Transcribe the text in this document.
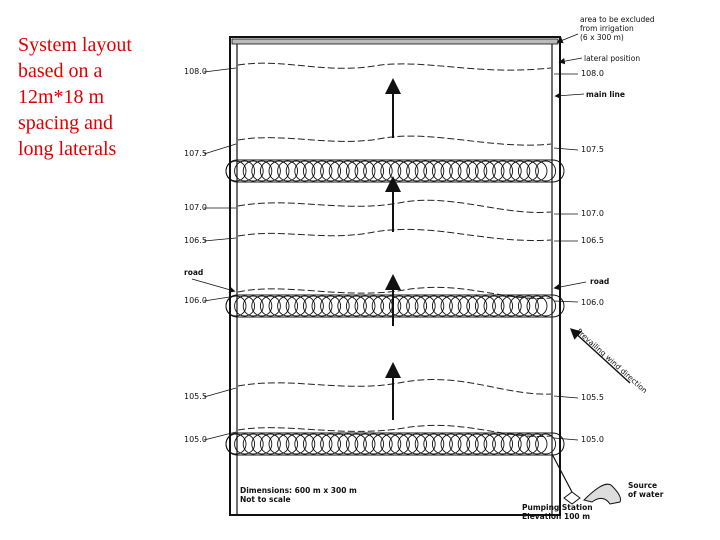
System layout
based on a
12m*18 m
spacing and
long laterals
108.0
107.5
107.0
106.5
106.0
105.5
105.0
108.0
107.5
107.0
106.5
106.0
105.5
105.0
area to be excluded
from irrigation
(6 x 300 m)
lateral position
main line
road
road
Prevailing wind direction
Source
of water
Pumping Station
Elevation 100 m
Dimensions: 600 m x 300 m
Not to scale
